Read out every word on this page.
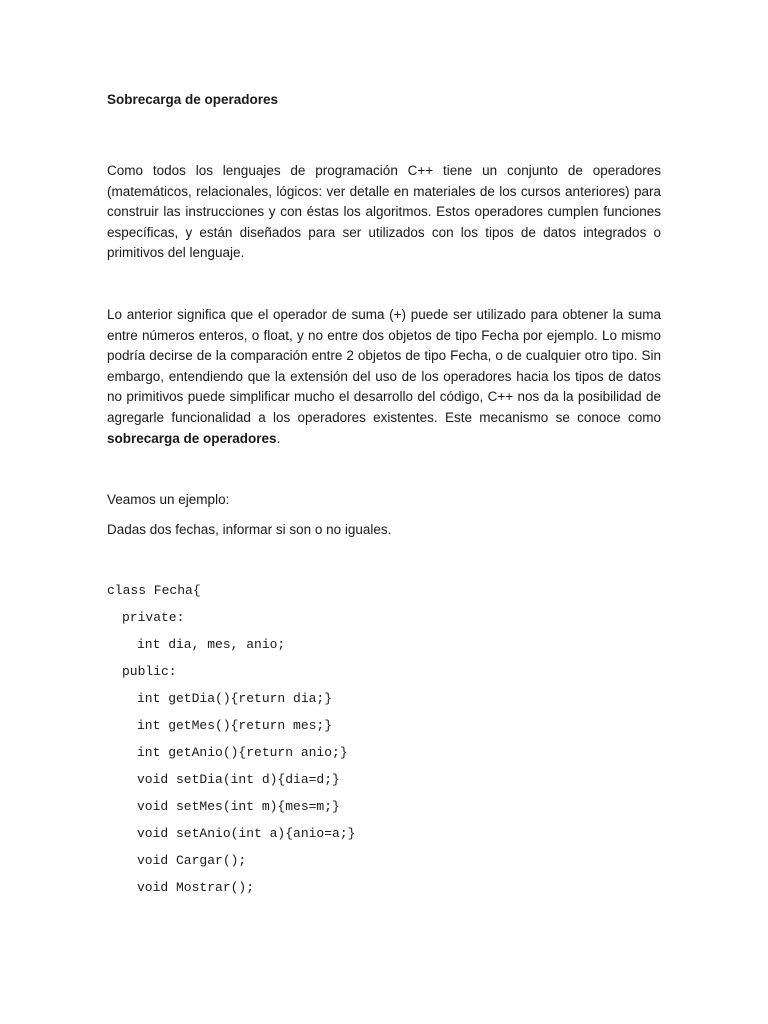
Sobrecarga de operadores

Como todos los lenguajes de programación C++ tiene un conjunto de operadores (matemáticos, relacionales, lógicos: ver detalle en materiales de los cursos anteriores) para construir las instrucciones y con éstas los algoritmos. Estos operadores cumplen funciones específicas, y están diseñados para ser utilizados con los tipos de datos integrados o primitivos del lenguaje.

Lo anterior significa que el operador de suma (+) puede ser utilizado para obtener la suma entre números enteros, o float, y no entre dos objetos de tipo Fecha por ejemplo. Lo mismo podría decirse de la comparación entre 2 objetos de tipo Fecha, o de cualquier otro tipo. Sin embargo, entendiendo que la extensión del uso de los operadores hacia los tipos de datos no primitivos puede simplificar mucho el desarrollo del código, C++ nos da la posibilidad de agregarle funcionalidad a los operadores existentes. Este mecanismo se conoce como sobrecarga de operadores.

Veamos un ejemplo:

Dadas dos fechas, informar si son o no iguales.

class Fecha{
private:
int dia, mes, anio;
public:
int getDia(){return dia;}
int getMes(){return mes;}
int getAnio(){return anio;}
void setDia(int d){dia=d;}
void setMes(int m){mes=m;}
void setAnio(int a){anio=a;}
void Cargar();
void Mostrar();
